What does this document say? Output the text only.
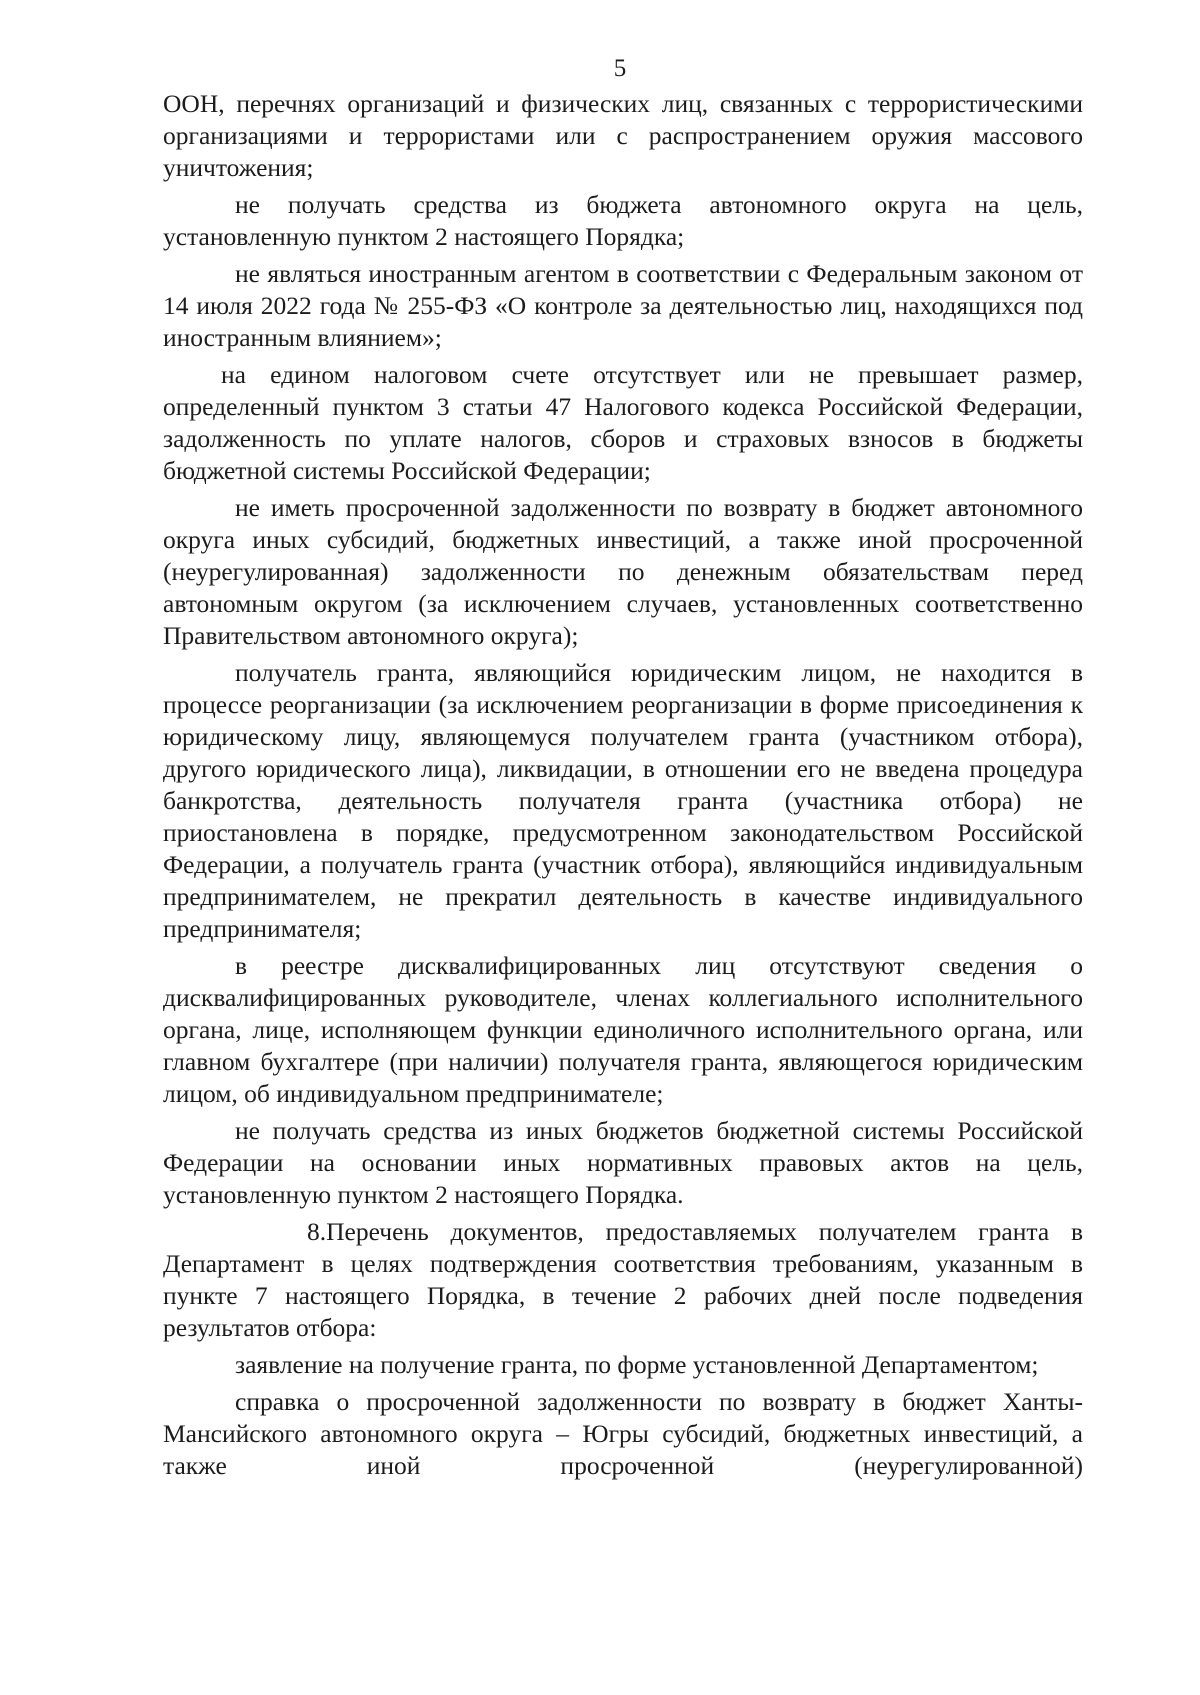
5

ООН, перечнях организаций и физических лиц, связанных с террористическими организациями и террористами или с распространением оружия массового уничтожения;

не получать средства из бюджета автономного округа на цель, установленную пунктом 2 настоящего Порядка;

не являться иностранным агентом в соответствии с Федеральным законом от 14 июля 2022 года № 255-ФЗ «О контроле за деятельностью лиц, находящихся под иностранным влиянием»;

на едином налоговом счете отсутствует или не превышает размер, определенный пунктом 3 статьи 47 Налогового кодекса Российской Федерации, задолженность по уплате налогов, сборов и страховых взносов в бюджеты бюджетной системы Российской Федерации;

не иметь просроченной задолженности по возврату в бюджет автономного округа иных субсидий, бюджетных инвестиций, а также иной просроченной (неурегулированная) задолженности по денежным обязательствам перед автономным округом (за исключением случаев, установленных соответственно Правительством автономного округа);

получатель гранта, являющийся юридическим лицом, не находится в процессе реорганизации (за исключением реорганизации в форме присоединения к юридическому лицу, являющемуся получателем гранта (участником отбора), другого юридического лица), ликвидации, в отношении его не введена процедура банкротства, деятельность получателя гранта (участника отбора) не приостановлена в порядке, предусмотренном законодательством Российской Федерации, а получатель гранта (участник отбора), являющийся индивидуальным предпринимателем, не прекратил деятельность в качестве индивидуального предпринимателя;

в реестре дисквалифицированных лиц отсутствуют сведения о дисквалифицированных руководителе, членах коллегиального исполнительного органа, лице, исполняющем функции единоличного исполнительного органа, или главном бухгалтере (при наличии) получателя гранта, являющегося юридическим лицом, об индивидуальном предпринимателе;

не получать средства из иных бюджетов бюджетной системы Российской Федерации на основании иных нормативных правовых актов на цель, установленную пунктом 2 настоящего Порядка.

8.Перечень документов, предоставляемых получателем гранта в Департамент в целях подтверждения соответствия требованиям, указанным в пункте 7 настоящего Порядка, в течение 2 рабочих дней после подведения результатов отбора:

заявление на получение гранта, по форме установленной Департаментом;

справка о просроченной задолженности по возврату в бюджет Ханты-Мансийского автономного округа – Югры субсидий, бюджетных инвестиций, а также иной просроченной (неурегулированной)
